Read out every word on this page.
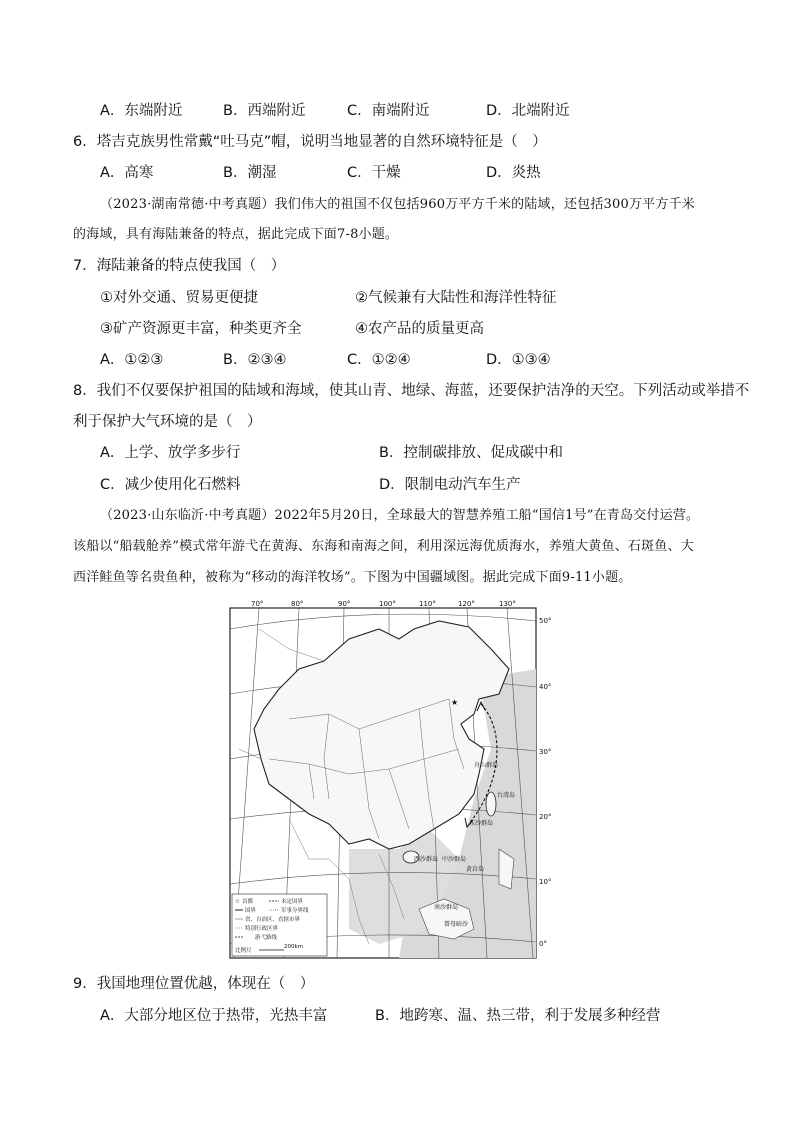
A．东端附近	B．西端附近	C．南端附近	D．北端附近
6．塔吉克族男性常戴“吐马克”帽，说明当地显著的自然环境特征是（　）
A．高寒	B．潮湿	C．干燥	D．炎热
（2023·湖南常德·中考真题）我们伟大的祖国不仅包括960万平方千米的陆域，还包括300万平方千米
的海域，具有海陆兼备的特点，据此完成下面7-8小题。
7．海陆兼备的特点使我国（　）
①对外交通、贸易更便捷	②气候兼有大陆性和海洋性特征
③矿产资源更丰富，种类更齐全	④农产品的质量更高
A．①②③	B．②③④	C．①②④	D．①③④
8．我们不仅要保护祖国的陆域和海域，使其山青、地绿、海蓝，还要保护洁净的天空。下列活动或举措不
利于保护大气环境的是（　）
A．上学、放学多步行	B．控制碳排放、促成碳中和
C．减少使用化石燃料	D．限制电动汽车生产
（2023·山东临沂·中考真题）2022年5月20日，全球最大的智慧养殖工船“国信1号”在青岛交付运营。
该船以“船载舱养”模式常年游弋在黄海、东海和南海之间，利用深远海优质海水，养殖大黄鱼、石斑鱼、大
西洋鲑鱼等名贵鱼种，被称为“移动的海洋牧场”。下图为中国疆域图。据此完成下面9-11小题。
★
70°	80°	90°	100°	110°	120°	130°
50°
40°
30°
20°
10°
0°
舟山群岛
台湾岛
东沙群岛
西沙群岛 中沙群岛
黄岩岛
南沙群岛
曾母暗沙
☆ 首都	未定国界
国界	军事分界线
省、自治区、直辖市界
特别行政区界
游弋路线
比例尺
200km
9．我国地理位置优越，体现在（　）
A．大部分地区位于热带，光热丰富	B．地跨寒、温、热三带，利于发展多种经营
